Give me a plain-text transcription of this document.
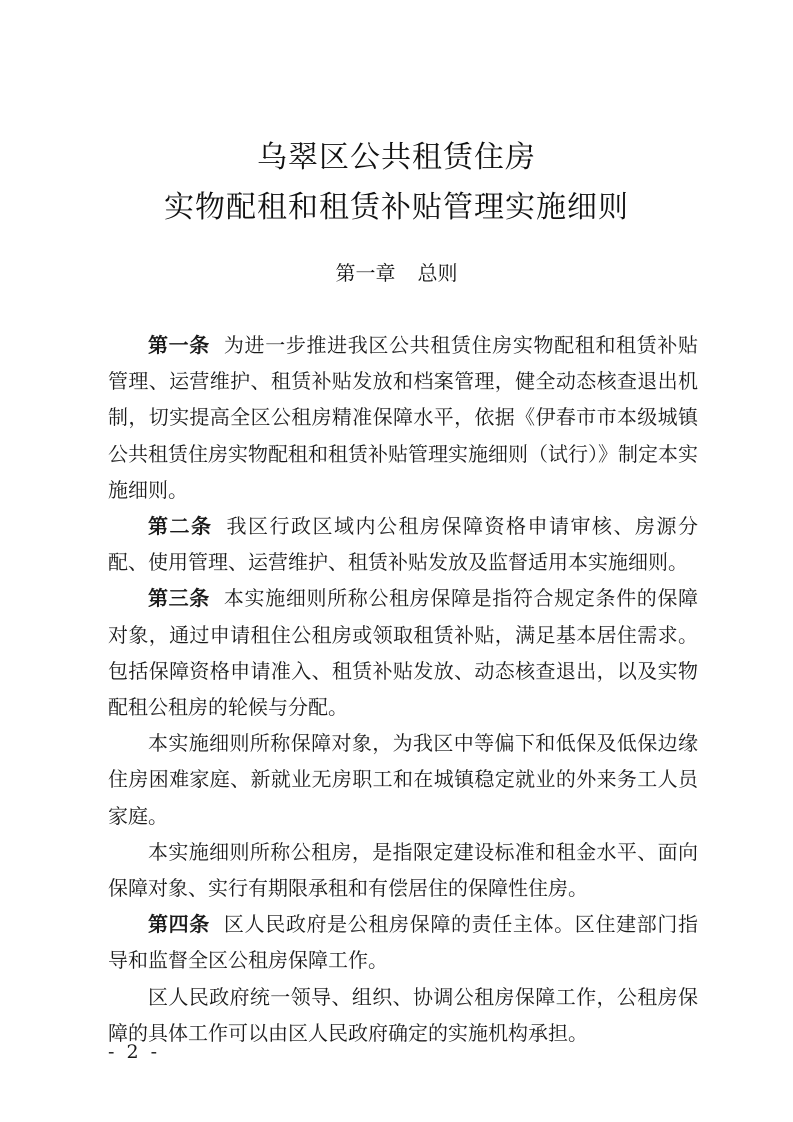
乌翠区公共租赁住房
实物配租和租赁补贴管理实施细则
第一章 总则

第一条 为进一步推进我区公共租赁住房实物配租和租赁补贴管理、运营维护、租赁补贴发放和档案管理，健全动态核查退出机制，切实提高全区公租房精准保障水平，依据《伊春市市本级城镇公共租赁住房实物配租和租赁补贴管理实施细则（试行）》制定本实施细则。

第二条 我区行政区域内公租房保障资格申请审核、房源分配、使用管理、运营维护、租赁补贴发放及监督适用本实施细则。

第三条 本实施细则所称公租房保障是指符合规定条件的保障对象，通过申请租住公租房或领取租赁补贴，满足基本居住需求。包括保障资格申请准入、租赁补贴发放、动态核查退出，以及实物配租公租房的轮候与分配。

本实施细则所称保障对象，为我区中等偏下和低保及低保边缘住房困难家庭、新就业无房职工和在城镇稳定就业的外来务工人员家庭。

本实施细则所称公租房，是指限定建设标准和租金水平、面向保障对象、实行有期限承租和有偿居住的保障性住房。

第四条 区人民政府是公租房保障的责任主体。区住建部门指导和监督全区公租房保障工作。

区人民政府统一领导、组织、协调公租房保障工作，公租房保障的具体工作可以由区人民政府确定的实施机构承担。

- 2 -
